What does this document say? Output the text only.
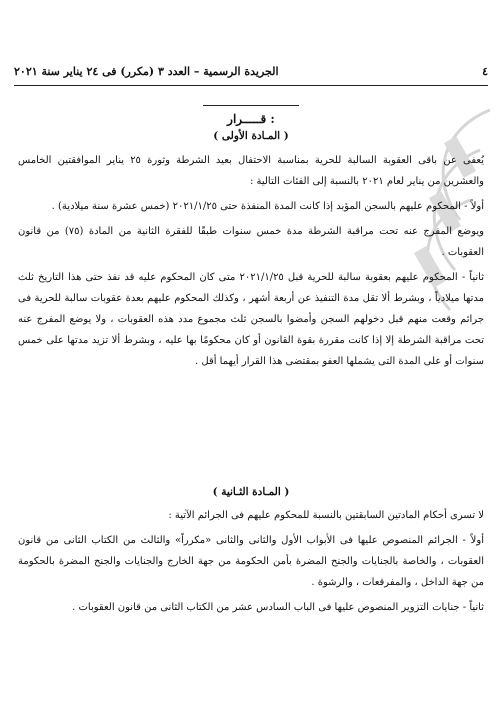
٤
الجريدة الرسمية – العدد ٣ (مكرر) فى ٢٤ يناير سنة ٢٠٢١
قـــــرار :
( المـادة الأولى )

يُعفى عن باقى العقوبة السالبة للحرية بمناسبة الاحتفال بعيد الشرطة وثورة ٢٥ يناير الموافقتين الخامس والعشرين من يناير لعام ٢٠٢١ بالنسبة إلى الفئات التالية :

أولاً - المحكوم عليهم بالسجن المؤبد إذا كانت المدة المنفذة حتى ٢٠٢١/١/٢٥ (خمس عشرة سنة ميلادية) .

ويوضع المفرج عنه تحت مراقبة الشرطة مدة خمس سنوات طبقًا للفقرة الثانية من المادة (٧٥) من قانون العقوبات .

ثانياً - المحكوم عليهم بعقوبة سالبة للحرية قبل ٢٠٢١/١/٢٥ متى كان المحكوم عليه قد نفذ حتى هذا التاريخ ثلث مدتها ميلادياً ، وبشرط ألا تقل مدة التنفيذ عن أربعة أشهر ، وكذلك المحكوم عليهم بعدة عقوبات سالبة للحرية فى جرائم وقعت منهم قبل دخولهم السجن وأمضوا بالسجن ثلث مجموع مدد هذه العقوبات ، ولا يوضع المفرج عنه تحت مراقبة الشرطة إلا إذا كانت مقررة بقوة القانون أو كان محكومًا بها عليه ، وبشرط ألا تزيد مدتها على خمس سنوات أو على المدة التى يشملها العفو بمقتضى هذا القرار أيهما أقل .

( المـادة الثـانية )

لا تسرى أحكام المادتين السابقتين بالنسبة للمحكوم عليهم فى الجرائم الآتية :

أولاً - الجرائم المنصوص عليها فى الأبواب الأول والثانى والثانى «مكرراً» والثالث من الكتاب الثانى من قانون العقوبات ، والخاصة بالجنايات والجنح المضرة بأمن الحكومة من جهة الخارج والجنايات والجنح المضرة بالحكومة من جهة الداخل ، والمفرقعات ، والرشوة .

ثانياً - جنايات التزوير المنصوص عليها فى الباب السادس عشر من الكتاب الثانى من قانون العقوبات .
